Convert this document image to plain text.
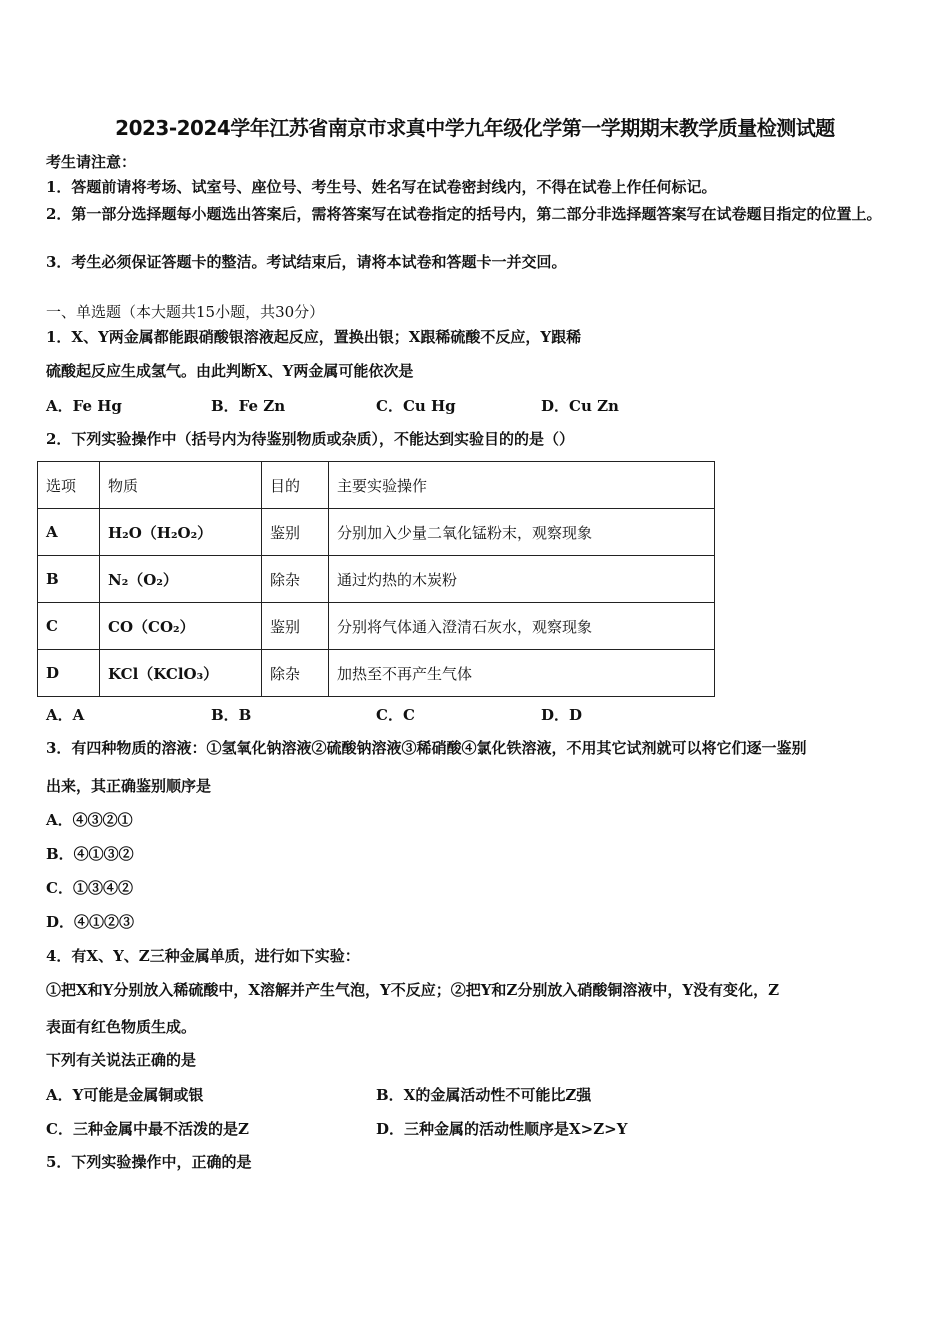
2023-2024学年江苏省南京市求真中学九年级化学第一学期期末教学质量检测试题
考生请注意：
1．答题前请将考场、试室号、座位号、考生号、姓名写在试卷密封线内，不得在试卷上作任何标记。
2．第一部分选择题每小题选出答案后，需将答案写在试卷指定的括号内，第二部分非选择题答案写在试卷题目指定的位置上。
3．考生必须保证答题卡的整洁。考试结束后，请将本试卷和答题卡一并交回。
一、单选题（本大题共15小题，共30分）
1．X、Y两金属都能跟硝酸银溶液起反应，置换出银；X跟稀硫酸不反应，Y跟稀
硫酸起反应生成氢气。由此判断X、Y两金属可能依次是
A．Fe Hg	B．Fe Zn	C．Cu Hg	D．Cu Zn
2．下列实验操作中（括号内为待鉴别物质或杂质），不能达到实验目的的是（）
选项	物质	目的	主要实验操作
A	H₂O（H₂O₂）	鉴别	分别加入少量二氧化锰粉末，观察现象
B	N₂（O₂）	除杂	通过灼热的木炭粉
C	CO（CO₂）	鉴别	分别将气体通入澄清石灰水，观察现象
D	KCl（KClO₃）	除杂	加热至不再产生气体
A．A	B．B	C．C	D．D
3．有四种物质的溶液：①氢氧化钠溶液②硫酸钠溶液③稀硝酸④氯化铁溶液，不用其它试剂就可以将它们逐一鉴别
出来，其正确鉴别顺序是
A．④③②①
B．④①③②
C．①③④②
D．④①②③
4．有X、Y、Z三种金属单质，进行如下实验：
①把X和Y分别放入稀硫酸中，X溶解并产生气泡，Y不反应；②把Y和Z分别放入硝酸铜溶液中，Y没有变化，Z
表面有红色物质生成。
下列有关说法正确的是
A．Y可能是金属铜或银	B．X的金属活动性不可能比Z强
C．三种金属中最不活泼的是Z	D．三种金属的活动性顺序是X>Z>Y
5．下列实验操作中，正确的是
